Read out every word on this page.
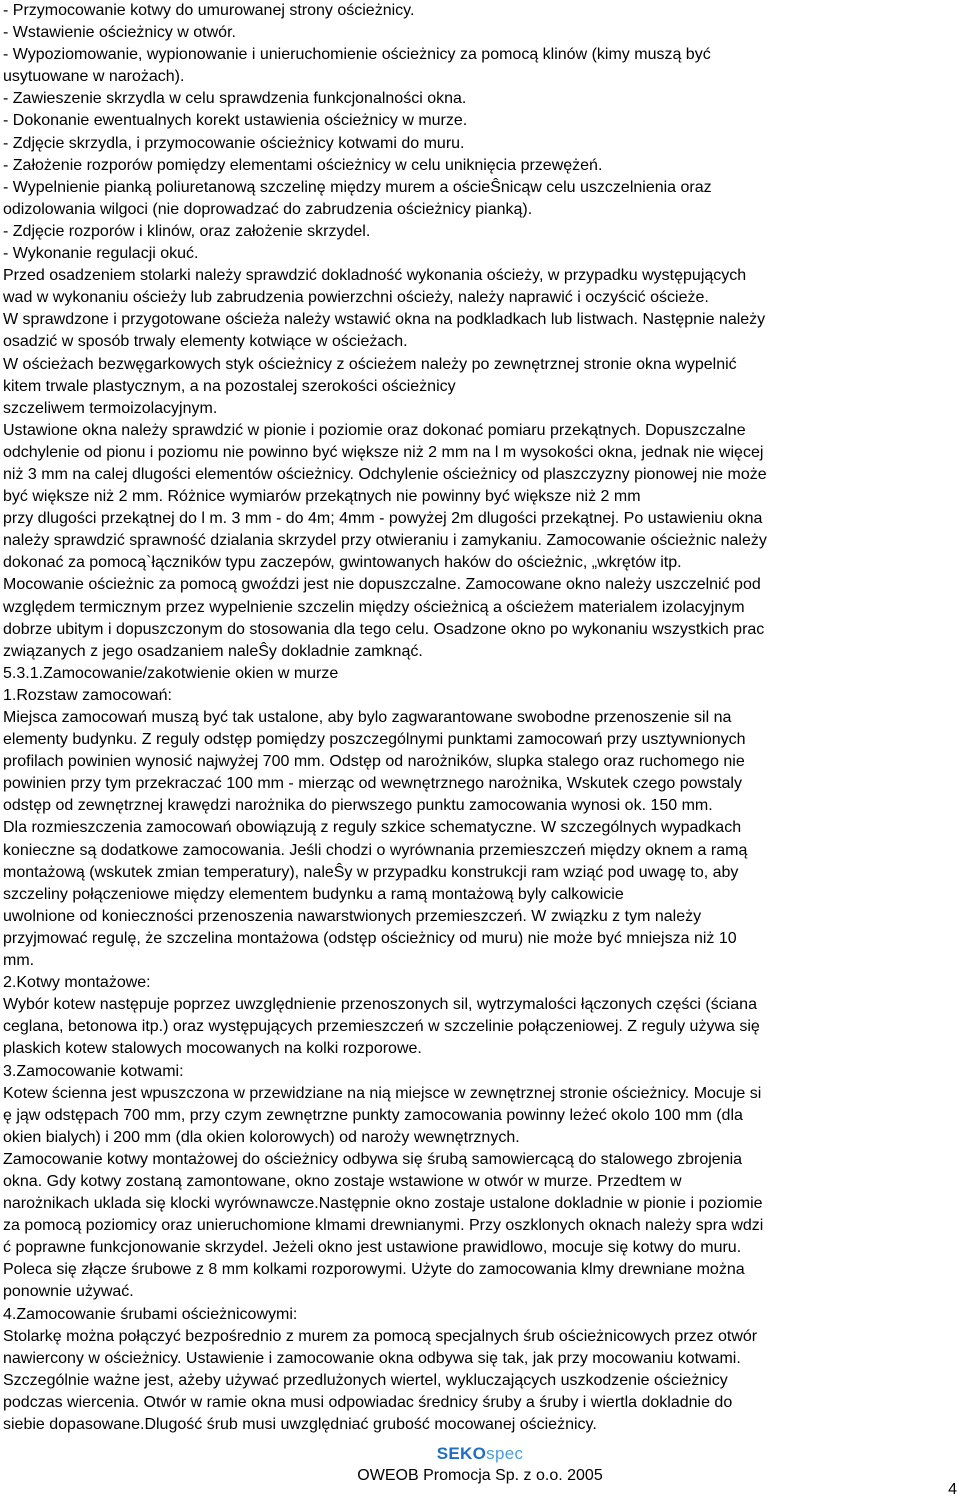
- Przymocowanie kotwy do umurowanej strony ościeżnicy.
- Wstawienie ościeżnicy w otwór.
- Wypoziomowanie, wypionowanie i unieruchomienie ościeżnicy za pomocą klinów (kimy muszą być
usytuowane w narożach).
- Zawieszenie skrzydla w celu sprawdzenia funkcjonalności okna.
- Dokonanie ewentualnych korekt ustawienia ościeżnicy w murze.
- Zdjęcie skrzydla, i przymocowanie ościeżnicy kotwami do muru.
- Założenie rozporów pomiędzy elementami ościeżnicy w celu uniknięcia przewężeń.
- Wypelnienie pianką poliuretanową szczelinę między murem a ościeŜnicąw celu uszczelnienia oraz
odizolowania wilgoci (nie doprowadzać do zabrudzenia ościeżnicy pianką).
- Zdjęcie rozporów i klinów, oraz założenie skrzydel.
- Wykonanie regulacji okuć.
Przed osadzeniem stolarki należy sprawdzić dokladność wykonania ościeży, w przypadku występujących
wad w wykonaniu ościeży lub zabrudzenia powierzchni ościeży, należy naprawić i oczyścić ościeże.
W sprawdzone i przygotowane ościeża należy wstawić okna na podkladkach lub listwach. Następnie należy
osadzić w sposób trwaly elementy kotwiące w ościeżach.
W ościeżach bezwęgarkowych styk ościeżnicy z ościeżem należy po zewnętrznej stronie okna wypelnić
kitem trwale plastycznym, a na pozostalej szerokości ościeżnicy
szczeliwem termoizolacyjnym.
Ustawione okna należy sprawdzić w pionie i poziomie oraz dokonać pomiaru przekątnych. Dopuszczalne
odchylenie od pionu i poziomu nie powinno być większe niż 2 mm na l m wysokości okna, jednak nie więcej
niż 3 mm na calej dlugości elementów ościeżnicy. Odchylenie ościeżnicy od plaszczyzny pionowej nie może
być większe niż 2 mm. Różnice wymiarów przekątnych nie powinny być większe niż 2 mm
przy dlugości przekątnej do l m. 3 mm - do 4m; 4mm - powyżej 2m dlugości przekątnej. Po ustawieniu okna
należy sprawdzić sprawność dzialania skrzydel przy otwieraniu i zamykaniu. Zamocowanie ościeżnic należy
dokonać za pomocą`łączników typu zaczepów, gwintowanych haków do ościeżnic, „wkrętów itp.
Mocowanie ościeżnic za pomocą gwoździ jest nie dopuszczalne. Zamocowane okno należy uszczelnić pod
względem termicznym przez wypelnienie szczelin między ościeżnicą a ościeżem materialem izolacyjnym
dobrze ubitym i dopuszczonym do stosowania dla tego celu. Osadzone okno po wykonaniu wszystkich prac
związanych z jego osadzaniem naleŜy dokladnie zamknąć.
5.3.1.Zamocowanie/zakotwienie okien w murze
1.Rozstaw zamocowań:
Miejsca zamocowań muszą być tak ustalone, aby bylo zagwarantowane swobodne przenoszenie sil na
elementy budynku. Z reguly odstęp pomiędzy poszczególnymi punktami zamocowań przy usztywnionych
profilach powinien wynosić najwyżej 700 mm. Odstęp od narożników, slupka stalego oraz ruchomego nie
powinien przy tym przekraczać 100 mm - mierząc od wewnętrznego narożnika, Wskutek czego powstaly
odstęp od zewnętrznej krawędzi narożnika do pierwszego punktu zamocowania wynosi ok. 150 mm.
Dla rozmieszczenia zamocowań obowiązują z reguly szkice schematyczne. W szczególnych wypadkach
konieczne są dodatkowe zamocowania. Jeśli chodzi o wyrównania przemieszczeń między oknem a ramą
montażową (wskutek zmian temperatury), naleŜy w przypadku konstrukcji ram wziąć pod uwagę to, aby
szczeliny połączeniowe między elementem budynku a ramą montażową byly calkowicie
uwolnione od konieczności przenoszenia nawarstwionych przemieszczeń. W związku z tym należy
przyjmować regulę, że szczelina montażowa (odstęp ościeżnicy od muru) nie może być mniejsza niż 10
mm.
2.Kotwy montażowe:
Wybór kotew następuje poprzez uwzględnienie przenoszonych sil, wytrzymalości łączonych części (ściana
ceglana, betonowa itp.) oraz występujących przemieszczeń w szczelinie połączeniowej. Z reguly używa się
plaskich kotew stalowych mocowanych na kolki rozporowe.
3.Zamocowanie kotwami:
Kotew ścienna jest wpuszczona w przewidziane na nią miejsce w zewnętrznej stronie ościeżnicy. Mocuje si
ę jąw odstępach 700 mm, przy czym zewnętrzne punkty zamocowania powinny leżeć okolo 100 mm (dla
okien bialych) i 200 mm (dla okien kolorowych) od naroży wewnętrznych.
Zamocowanie kotwy montażowej do ościeżnicy odbywa się śrubą samowiercącą do stalowego zbrojenia
okna. Gdy kotwy zostaną zamontowane, okno zostaje wstawione w otwór w murze. Przedtem w
narożnikach uklada się klocki wyrównawcze.Następnie okno zostaje ustalone dokladnie w pionie i poziomie
za pomocą poziomicy oraz unieruchomione klmami drewnianymi. Przy oszklonych oknach należy spra wdzi
ć poprawne funkcjonowanie skrzydel. Jeżeli okno jest ustawione prawidlowo, mocuje się kotwy do muru.
Poleca się złącze śrubowe z 8 mm kolkami rozporowymi. Użyte do zamocowania klmy drewniane można
ponownie używać.
4.Zamocowanie śrubami ościeżnicowymi:
Stolarkę można połączyć bezpośrednio z murem za pomocą specjalnych śrub ościeżnicowych przez otwór
nawiercony w ościeżnicy. Ustawienie i zamocowanie okna odbywa się tak, jak przy mocowaniu kotwami.
Szczególnie ważne jest, ażeby używać przedlużonych wiertel, wykluczających uszkodzenie ościeżnicy
podczas wiercenia. Otwór w ramie okna musi odpowiadac średnicy śruby a śruby i wiertla dokladnie do
siebie dopasowane.Dlugość śrub musi uwzględniać grubość mocowanej ościeżnicy.
SEKOspec
OWEOB Promocja Sp. z o.o. 2005
4
